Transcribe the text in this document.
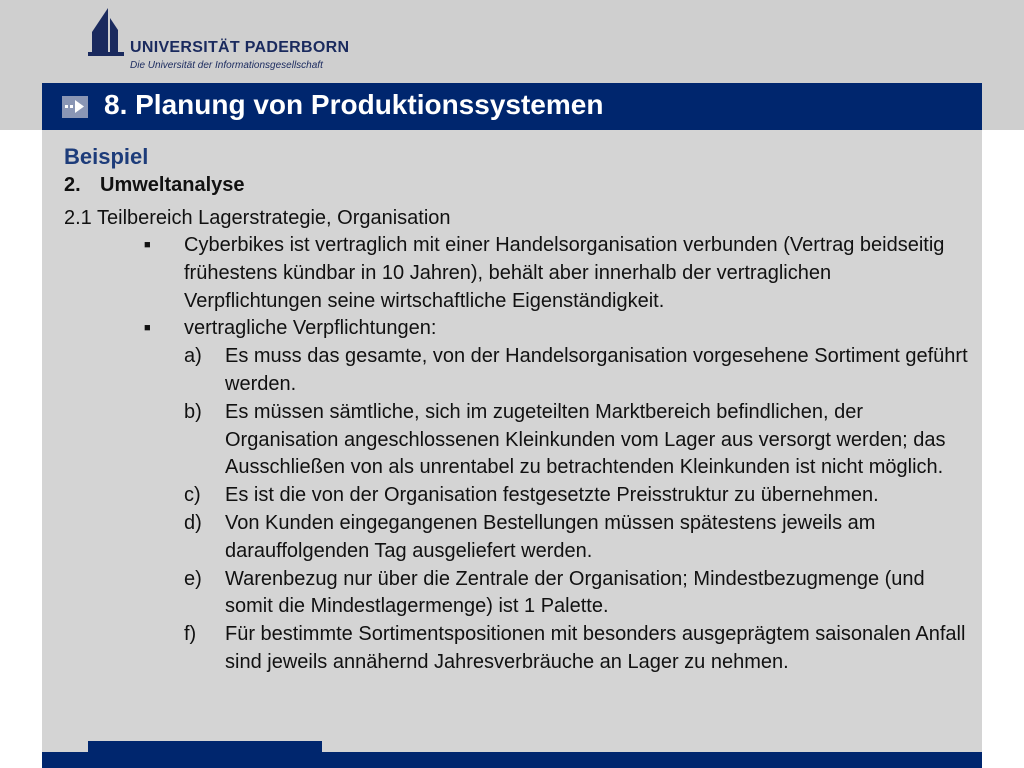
UNIVERSITÄT PADERBORN
Die Universität der Informationsgesellschaft
8. Planung von Produktionssystemen
Beispiel
2. Umweltanalyse
2.1 Teilbereich Lagerstrategie, Organisation
■	Cyberbikes ist vertraglich mit einer Handelsorganisation verbunden (Vertrag beidseitig frühestens kündbar in 10 Jahren), behält aber innerhalb der vertraglichen Verpflichtungen seine wirtschaftliche Eigenständigkeit.
■	vertragliche Verpflichtungen:
a)	Es muss das gesamte, von der Handelsorganisation vorgesehene Sortiment geführt werden.
b)	Es müssen sämtliche, sich im zugeteilten Marktbereich befindlichen, der Organisation angeschlossenen Kleinkunden vom Lager aus versorgt werden; das Ausschließen von als unrentabel zu betrachtenden Kleinkunden ist nicht möglich.
c)	Es ist die von der Organisation festgesetzte Preisstruktur zu übernehmen.
d)	Von Kunden eingegangenen Bestellungen müssen spätestens jeweils am darauffolgenden Tag ausgeliefert werden.
e)	Warenbezug nur über die Zentrale der Organisation; Mindestbezugmenge (und somit die Mindestlagermenge) ist 1 Palette.
f)	Für bestimmte Sortimentspositionen mit besonders ausgeprägtem saisonalen Anfall sind jeweils annähernd Jahresverbräuche an Lager zu nehmen.
